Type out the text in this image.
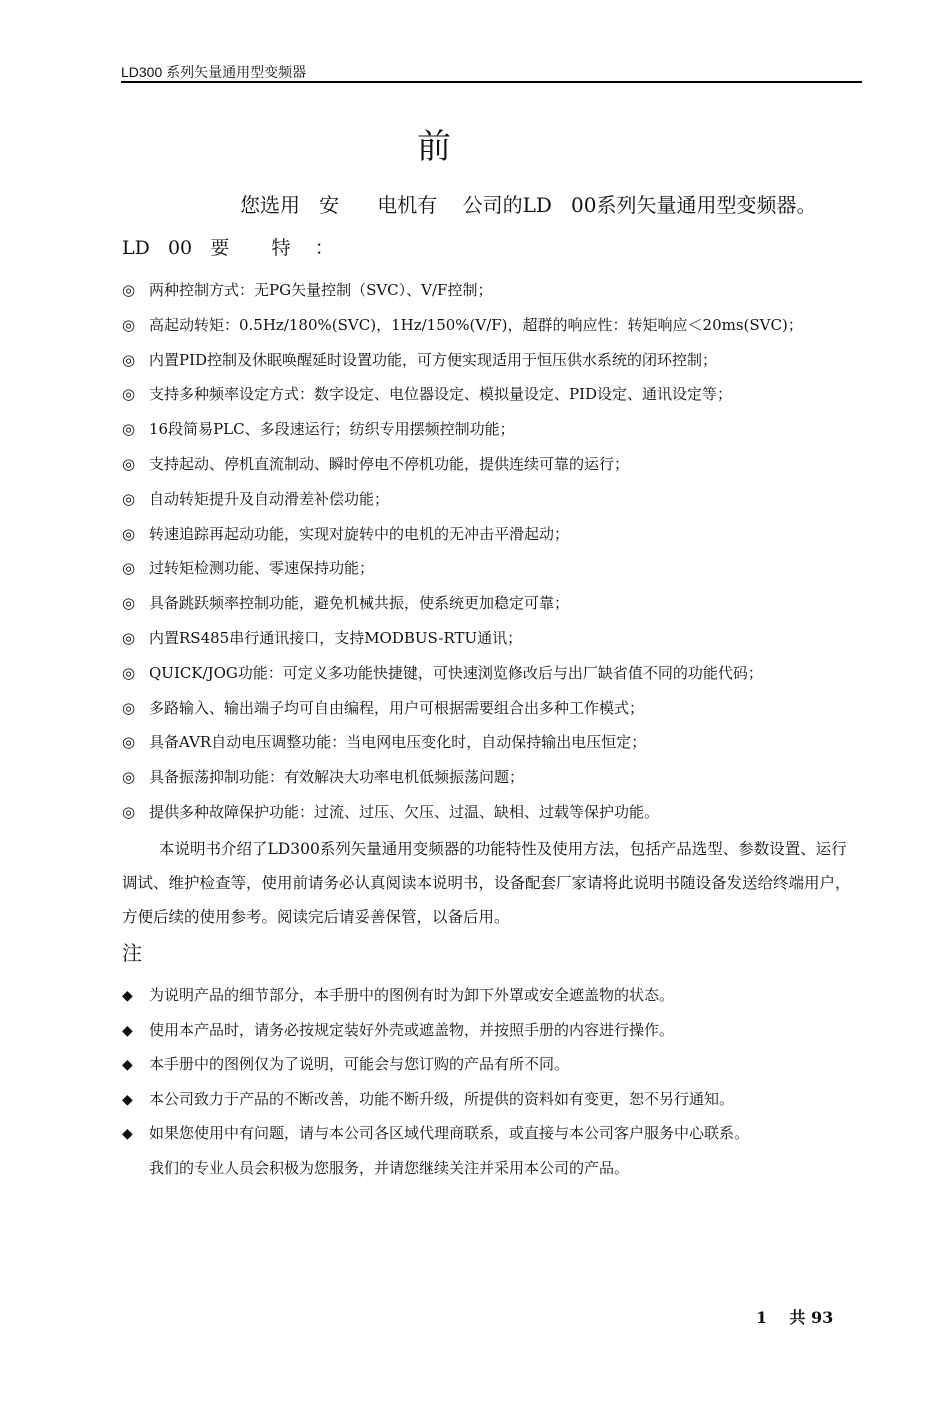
LD300 系列矢量通用型变频器
前
您选用   安      电机有    公司的LD   00系列矢量通用型变频器。
LD   00   要       特    ：
◎ 两种控制方式：无PG矢量控制（SVC）、V/F控制；
◎ 高起动转矩：0.5Hz/180%(SVC)，1Hz/150%(V/F)，超群的响应性：转矩响应＜20ms(SVC)；
◎ 内置PID控制及休眠唤醒延时设置功能，可方便实现适用于恒压供水系统的闭环控制；
◎ 支持多种频率设定方式：数字设定、电位器设定、模拟量设定、PID设定、通讯设定等；
◎ 16段简易PLC、多段速运行；纺织专用摆频控制功能；
◎ 支持起动、停机直流制动、瞬时停电不停机功能，提供连续可靠的运行；
◎ 自动转矩提升及自动滑差补偿功能；
◎ 转速追踪再起动功能，实现对旋转中的电机的无冲击平滑起动；
◎ 过转矩检测功能、零速保持功能；
◎ 具备跳跃频率控制功能，避免机械共振，使系统更加稳定可靠；
◎ 内置RS485串行通讯接口，支持MODBUS-RTU通讯；
◎ QUICK/JOG功能：可定义多功能快捷键，可快速浏览修改后与出厂缺省值不同的功能代码；
◎ 多路输入、输出端子均可自由编程，用户可根据需要组合出多种工作模式；
◎ 具备AVR自动电压调整功能：当电网电压变化时，自动保持输出电压恒定；
◎ 具备振荡抑制功能：有效解决大功率电机低频振荡问题；
◎ 提供多种故障保护功能：过流、过压、欠压、过温、缺相、过载等保护功能。
本说明书介绍了LD300系列矢量通用变频器的功能特性及使用方法，包括产品选型、参数设置、运行调试、维护检查等，使用前请务必认真阅读本说明书，设备配套厂家请将此说明书随设备发送给终端用户，方便后续的使用参考。阅读完后请妥善保管，以备后用。
注
◆ 为说明产品的细节部分，本手册中的图例有时为卸下外罩或安全遮盖物的状态。
◆ 使用本产品时，请务必按规定装好外壳或遮盖物，并按照手册的内容进行操作。
◆ 本手册中的图例仅为了说明，可能会与您订购的产品有所不同。
◆ 本公司致力于产品的不断改善，功能不断升级，所提供的资料如有变更，恕不另行通知。
◆ 如果您使用中有问题，请与本公司各区域代理商联系，或直接与本公司客户服务中心联系。
我们的专业人员会积极为您服务，并请您继续关注并采用本公司的产品。
1 共 93
